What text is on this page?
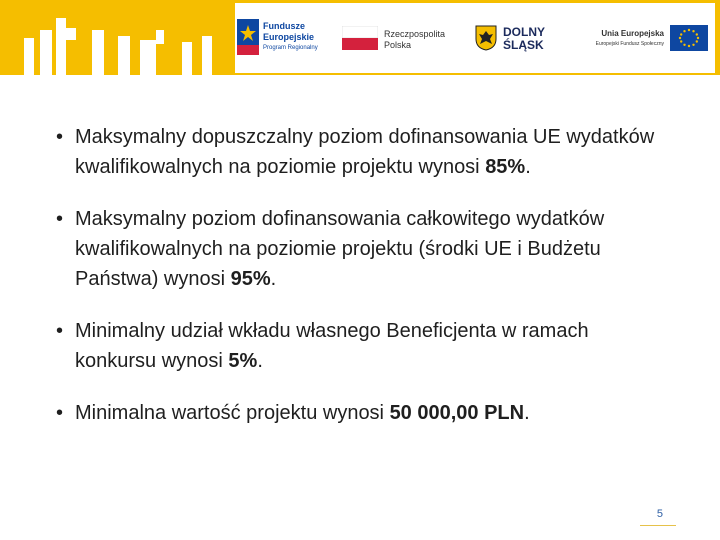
Fundusze
Europejskie
Program Regionalny
Rzeczpospolita
Polska
DOLNY
ŚLĄSK
Unia Europejska
Europejski Fundusz Społeczny
• Maksymalny dopuszczalny poziom dofinansowania UE wydatków kwalifikowalnych na poziomie projektu wynosi 85%.
• Maksymalny poziom dofinansowania całkowitego wydatków kwalifikowalnych na poziomie projektu (środki UE i Budżetu Państwa) wynosi 95%.
• Minimalny udział wkładu własnego Beneficjenta w ramach konkursu wynosi 5%.
• Minimalna wartość projektu wynosi 50 000,00 PLN.
5
